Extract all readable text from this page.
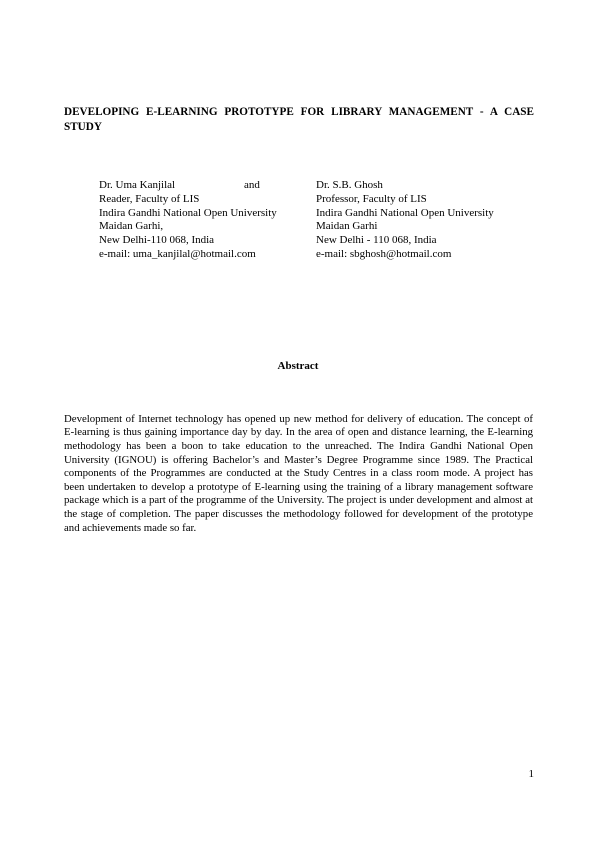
DEVELOPING E-LEARNING PROTOTYPE FOR LIBRARY MANAGEMENT - A CASE STUDY
Dr. Uma Kanjilal	and
Reader, Faculty of LIS
Indira Gandhi National Open University
Maidan Garhi,
New Delhi-110 068, India
e-mail: uma_kanjilal@hotmail.com
Dr. S.B. Ghosh
Professor, Faculty of LIS
Indira Gandhi National Open University
Maidan Garhi
New Delhi - 110 068, India
e-mail: sbghosh@hotmail.com
Abstract

Development of Internet technology has opened up new method for delivery of education. The concept of E-learning is thus gaining importance day by day. In the area of open and distance learning, the E-learning methodology has been a boon to take education to the unreached. The Indira Gandhi National Open University (IGNOU) is offering Bachelor’s and Master’s Degree Programme since 1989. The Practical components of the Programmes are conducted at the Study Centres in a class room mode. A project has been undertaken to develop a prototype of E-learning using the training of a library management software package which is a part of the programme of the University. The project is under development and almost at the stage of completion. The paper discusses the methodology followed for development of the prototype and achievements made so far.

1
